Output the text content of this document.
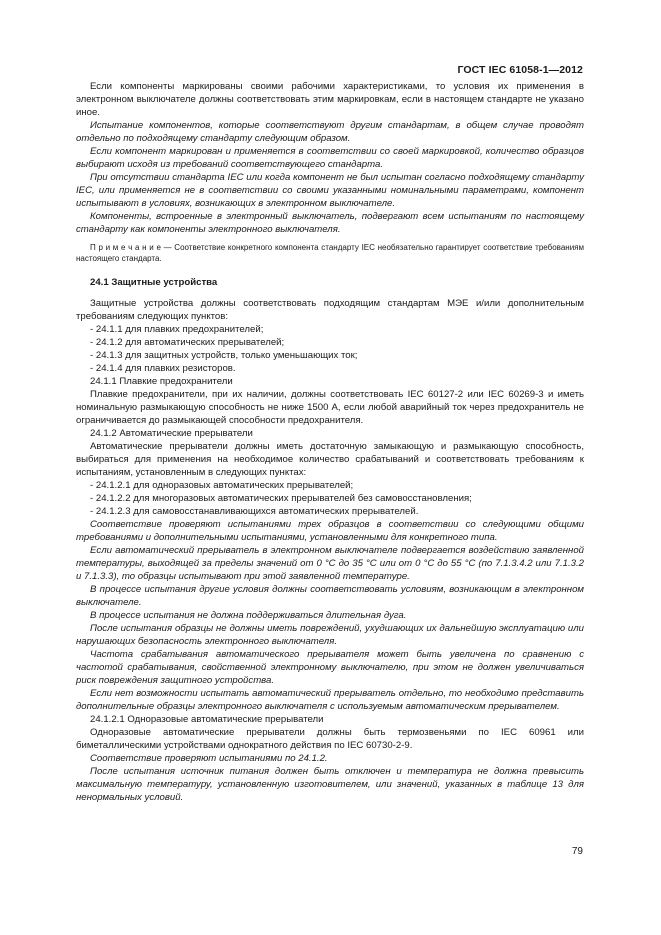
ГОСТ IEC 61058-1—2012

Если компоненты маркированы своими рабочими характеристиками, то условия их применения в электронном выключателе должны соответствовать этим маркировкам, если в настоящем стандарте не указано иное.

Испытание компонентов, которые соответствуют другим стандартам, в общем случае проводят отдельно по подходящему стандарту следующим образом.

Если компонент маркирован и применяется в соответствии со своей маркировкой, количество образцов выбирают исходя из требований соответствующего стандарта.

При отсутствии стандарта IEC или когда компонент не был испытан согласно подходящему стандарту IEC, или применяется не в соответствии со своими указанными номинальными параметрами, компонент испытывают в условиях, возникающих в электронном выключателе.

Компоненты, встроенные в электронный выключатель, подвергают всем испытаниям по настоящему стандарту как компоненты электронного выключателя.

П р и м е ч а н и е — Соответствие конкретного компонента стандарту IEC необязательно гарантирует соответствие требованиям настоящего стандарта.

24.1 Защитные устройства

Защитные устройства должны соответствовать подходящим стандартам МЭЕ и/или дополнительным требованиям следующих пунктов:

- 24.1.1 для плавких предохранителей;

- 24.1.2 для автоматических прерывателей;

- 24.1.3 для защитных устройств, только уменьшающих ток;

- 24.1.4 для плавких резисторов.

24.1.1 Плавкие предохранители

Плавкие предохранители, при их наличии, должны соответствовать IEC 60127-2 или IEC 60269-3 и иметь номинальную размыкающую способность не ниже 1500 А, если любой аварийный ток через предохранитель не ограничивается до размыкающей способности предохранителя.

24.1.2 Автоматические прерыватели

Автоматические прерыватели должны иметь достаточную замыкающую и размыкающую способность, выбираться для применения на необходимое количество срабатываний и соответствовать требованиям к испытаниям, установленным в следующих пунктах:

- 24.1.2.1 для одноразовых автоматических прерывателей;

- 24.1.2.2 для многоразовых автоматических прерывателей без самовосстановления;

- 24.1.2.3 для самовосстанавливающихся автоматических прерывателей.

Соответствие проверяют испытаниями трех образцов в соответствии со следующими общими требованиями и дополнительными испытаниями, установленными для конкретного типа.

Если автоматический прерыватель в электронном выключателе подвергается воздействию заявленной температуры, выходящей за пределы значений от 0 °С до 35 °С или от 0 °С до 55 °С (по 7.1.3.4.2 или 7.1.3.2 и 7.1.3.3), то образцы испытывают при этой заявленной температуре.

В процессе испытания другие условия должны соответствовать условиям, возникающим в электронном выключателе.

В процессе испытания не должна поддерживаться длительная дуга.

После испытания образцы не должны иметь повреждений, ухудшающих их дальнейшую эксплуатацию или нарушающих безопасность электронного выключателя.

Частота срабатывания автоматического прерывателя может быть увеличена по сравнению с частотой срабатывания, свойственной электронному выключателю, при этом не должен увеличиваться риск повреждения защитного устройства.

Если нет возможности испытать автоматический прерыватель отдельно, то необходимо представить дополнительные образцы электронного выключателя с используемым автоматическим прерывателем.

24.1.2.1 Одноразовые автоматические прерыватели

Одноразовые автоматические прерыватели должны быть термозвеньями по IEC 60961 или биметаллическими устройствами однократного действия по IEC 60730-2-9.

Соответствие проверяют испытаниями по 24.1.2.

После испытания источник питания должен быть отключен и температура не должна превысить максимальную температуру, установленную изготовителем, или значений, указанных в таблице 13 для ненормальных условий.

79
